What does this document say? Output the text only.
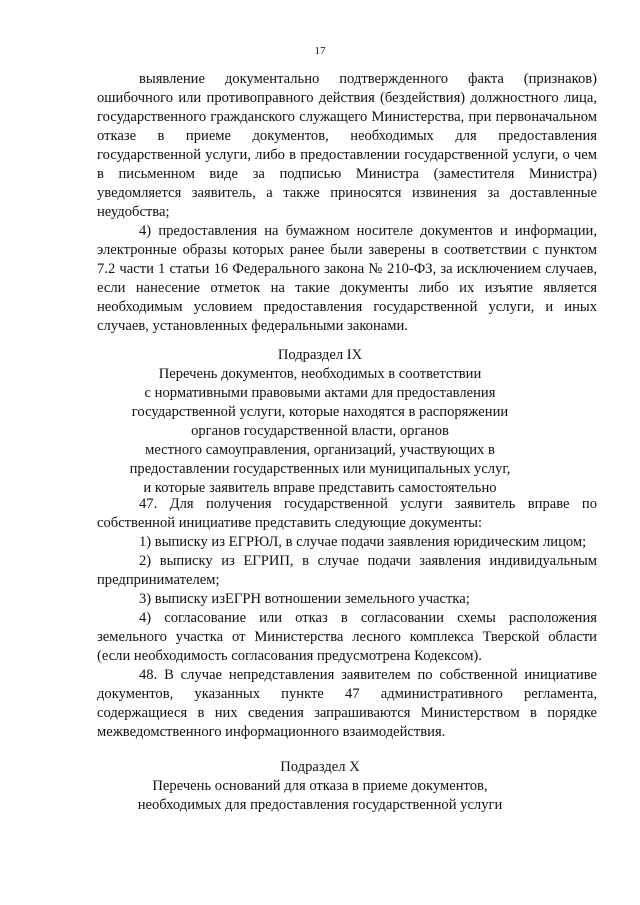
17

выявление документально подтвержденного факта (признаков) ошибочного или противоправного действия (бездействия) должностного лица, государственного гражданского служащего Министерства, при первоначальном отказе в приеме документов, необходимых для предоставления государственной услуги, либо в предоставлении государственной услуги, о чем в письменном виде за подписью Министра (заместителя Министра) уведомляется заявитель, а также приносятся извинения за доставленные неудобства;

4) предоставления на бумажном носителе документов и информации, электронные образы которых ранее были заверены в соответствии с пунктом 7.2 части 1 статьи 16 Федерального закона № 210-ФЗ, за исключением случаев, если нанесение отметок на такие документы либо их изъятие является необходимым условием предоставления государственной услуги, и иных случаев, установленных федеральными законами.

Подраздел IX
Перечень документов, необходимых в соответствии
с нормативными правовыми актами для предоставления
государственной услуги, которые находятся в распоряжении
органов государственной власти, органов
местного самоуправления, организаций, участвующих в
предоставлении государственных или муниципальных услуг,
и которые заявитель вправе представить самостоятельно

47. Для получения государственной услуги заявитель вправе по собственной инициативе представить следующие документы:

1) выписку из ЕГРЮЛ, в случае подачи заявления юридическим лицом;

2) выписку из ЕГРИП, в случае подачи заявления индивидуальным предпринимателем;

3) выписку изЕГРН вотношении земельного участка;

4) согласование или отказ в согласовании схемы расположения земельного участка от Министерства лесного комплекса Тверской области (если необходимость согласования предусмотрена Кодексом).

48. В случае непредставления заявителем по собственной инициативе документов, указанных пункте 47 административного регламента, содержащиеся в них сведения запрашиваются Министерством в порядке межведомственного информационного взаимодействия.

Подраздел X
Перечень оснований для отказа в приеме документов,
необходимых для предоставления государственной услуги
